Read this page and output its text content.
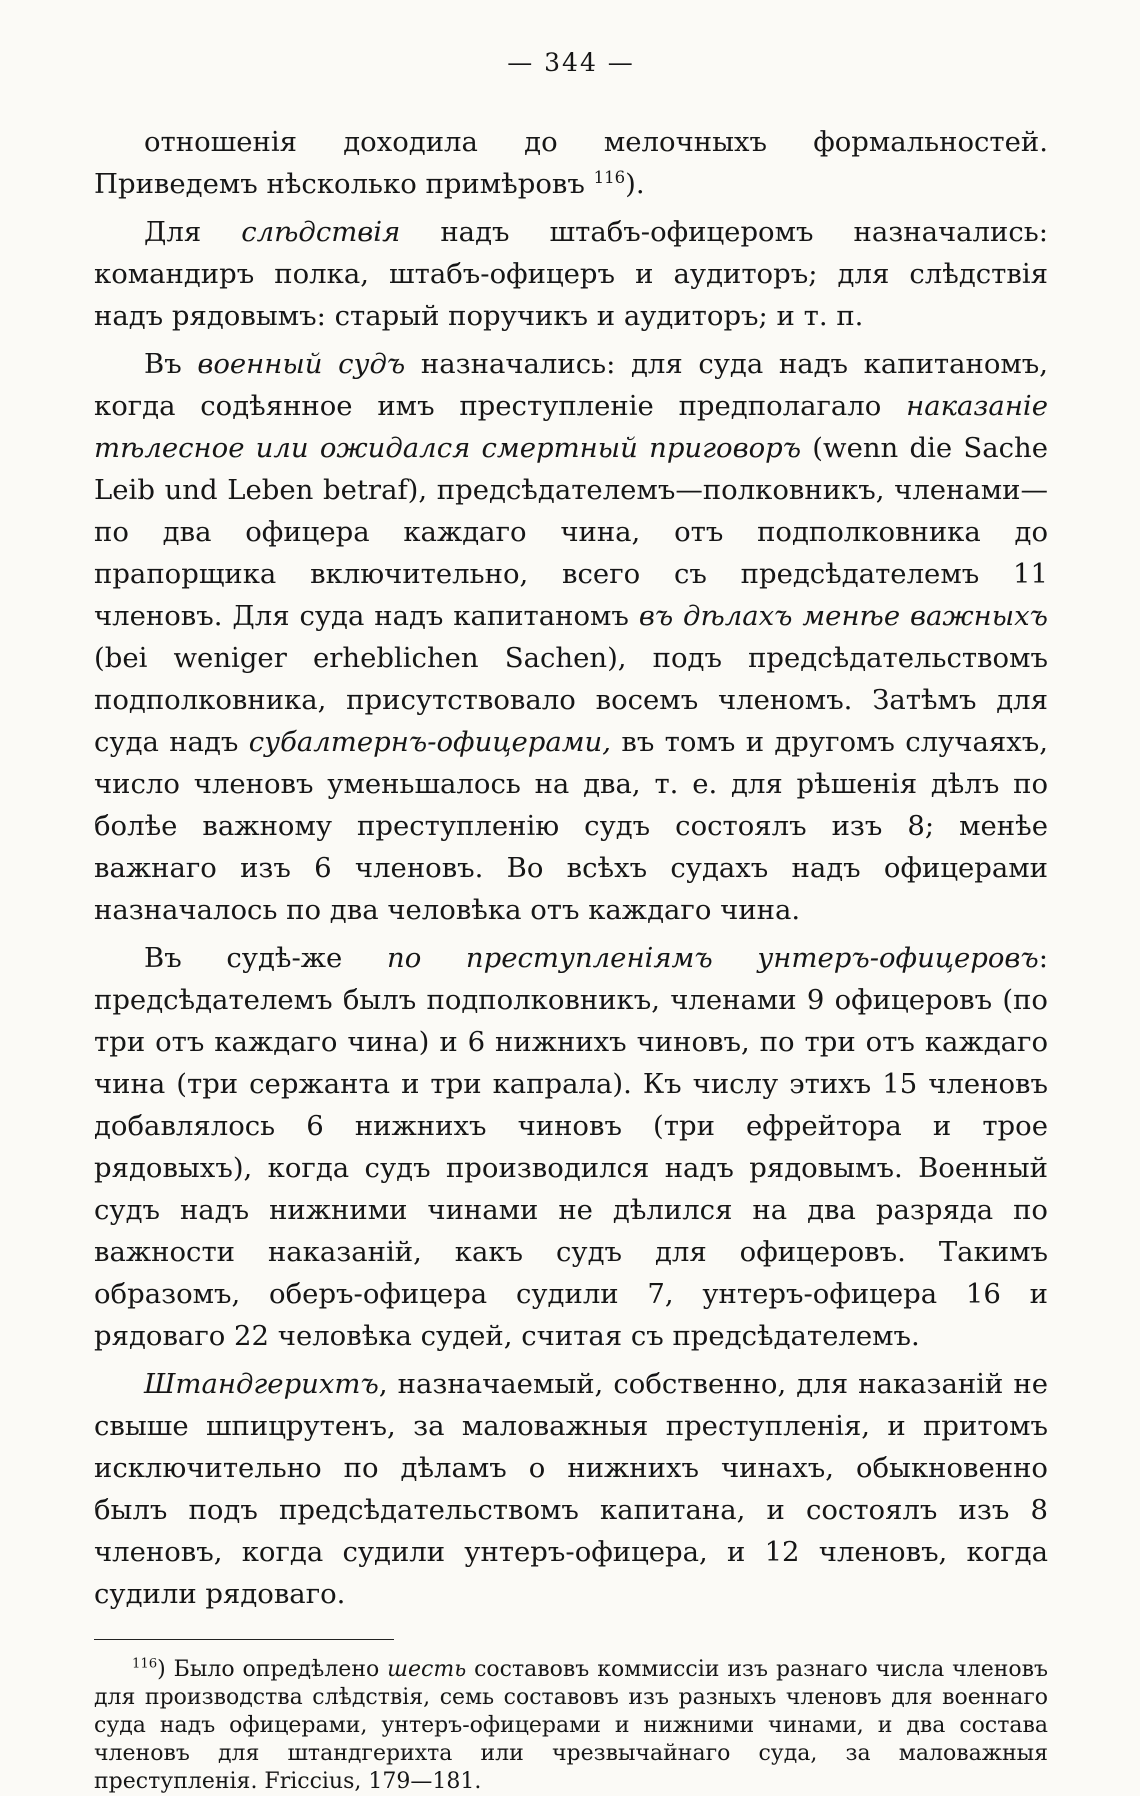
— 344 —

отношенія доходила до мелочныхъ формальностей. Приведемъ нѣсколько примѣровъ $^{116}$).

Для слѣдствія надъ штабъ-офицеромъ назначались: командиръ полка, штабъ-офицеръ и аудиторъ; для слѣдствія надъ рядовымъ: старый поручикъ и аудиторъ; и т. п.

Въ военный судъ назначались: для суда надъ капитаномъ, когда содѣянное имъ преступленіе предполагало наказаніе тѣлесное или ожидался смертный приговоръ (wenn die Sache Leib und Leben betraf), предсѣдателемъ—полковникъ, членами—по два офицера каждаго чина, отъ подполковника до прапорщика включительно, всего съ предсѣдателемъ 11 членовъ. Для суда надъ капитаномъ въ дѣлахъ менѣе важныхъ (bei weniger erheblichen Sachen), подъ предсѣдательствомъ подполковника, присутствовало восемъ членомъ. Затѣмъ для суда надъ субалтернъ-офицерами, въ томъ и другомъ случаяхъ, число членовъ уменьшалось на два, т. е. для рѣшенія дѣлъ по болѣе важному преступленію судъ состоялъ изъ 8; менѣе важнаго изъ 6 членовъ. Во всѣхъ судахъ надъ офицерами назначалось по два человѣка отъ каждаго чина.

Въ судѣ-же по преступленіямъ унтеръ-офицеровъ: предсѣдателемъ былъ подполковникъ, членами 9 офицеровъ (по три отъ каждаго чина) и 6 нижнихъ чиновъ, по три отъ каждаго чина (три сержанта и три капрала). Къ числу этихъ 15 членовъ добавлялось 6 нижнихъ чиновъ (три ефрейтора и трое рядовыхъ), когда судъ производился надъ рядовымъ. Военный судъ надъ нижними чинами не дѣлился на два разряда по важности наказаній, какъ судъ для офицеровъ. Такимъ образомъ, оберъ-офицера судили 7, унтеръ-офицера 16 и рядоваго 22 человѣка судей, считая съ предсѣдателемъ.

Штандгерихтъ, назначаемый, собственно, для наказаній не свыше шпицрутенъ, за маловажныя преступленія, и притомъ исключительно по дѣламъ о нижнихъ чинахъ, обыкновенно былъ подъ предсѣдательствомъ капитана, и состоялъ изъ 8 членовъ, когда судили унтеръ-офицера, и 12 членовъ, когда судили рядоваго.

$^{116}$) Было опредѣлено шесть составовъ коммиссіи изъ разнаго числа членовъ для производства слѣдствія, семь составовъ изъ разныхъ членовъ для военнаго суда надъ офицерами, унтеръ-офицерами и нижними чинами, и два состава членовъ для штандгерихта или чрезвычайнаго суда, за маловажныя преступленія. Friccius, 179—181.
